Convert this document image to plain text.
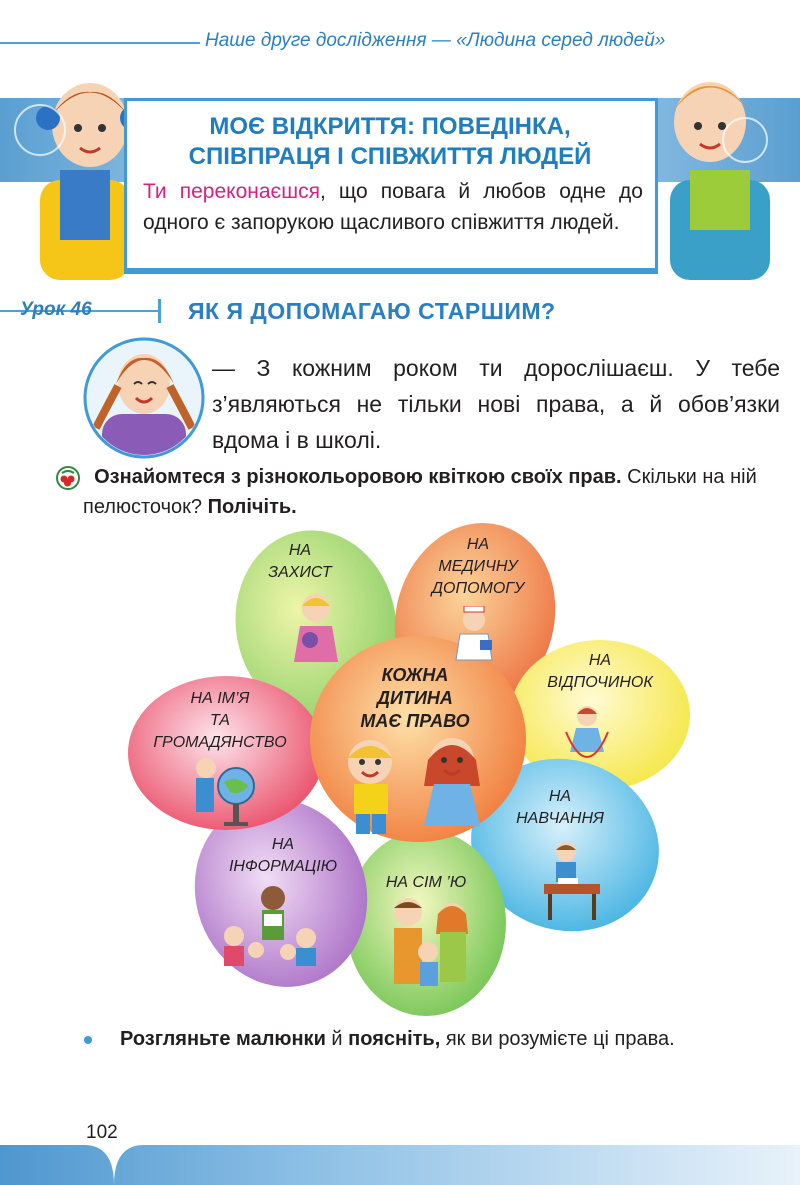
Наше друге дослідження — «Людина серед людей»
МОЄ ВІДКРИТТЯ: ПОВЕДІНКА,
СПІВПРАЦЯ І СПІВЖИТТЯ ЛЮДЕЙ
Ти переконаєшся, що повага й любов одне до одного є запорукою щасливого співжиття людей.
Урок 46	ЯК Я ДОПОМАГАЮ СТАРШИМ?
— З кожним роком ти дорослішаєш. У тебе з’являються не тільки нові права, а й обов’язки вдома і в школі.
Ознайомтеся з різнокольоровою квіткою своїх прав. Скільки на ній пелюсточок? Полічіть.
НА
ЗАХИСТ
НА
МЕДИЧНУ
ДОПОМОГУ
НА
ВІДПОЧИНОК
НА
НАВЧАННЯ
НА СІМ ’Ю
НА
ІНФОРМАЦІЮ
НА ІМ’Я
ТА
ГРОМАДЯНСТВО
КОЖНА
ДИТИНА
МАЄ ПРАВО
Розгляньте малюнки й поясніть, як ви розумієте ці права.
102
